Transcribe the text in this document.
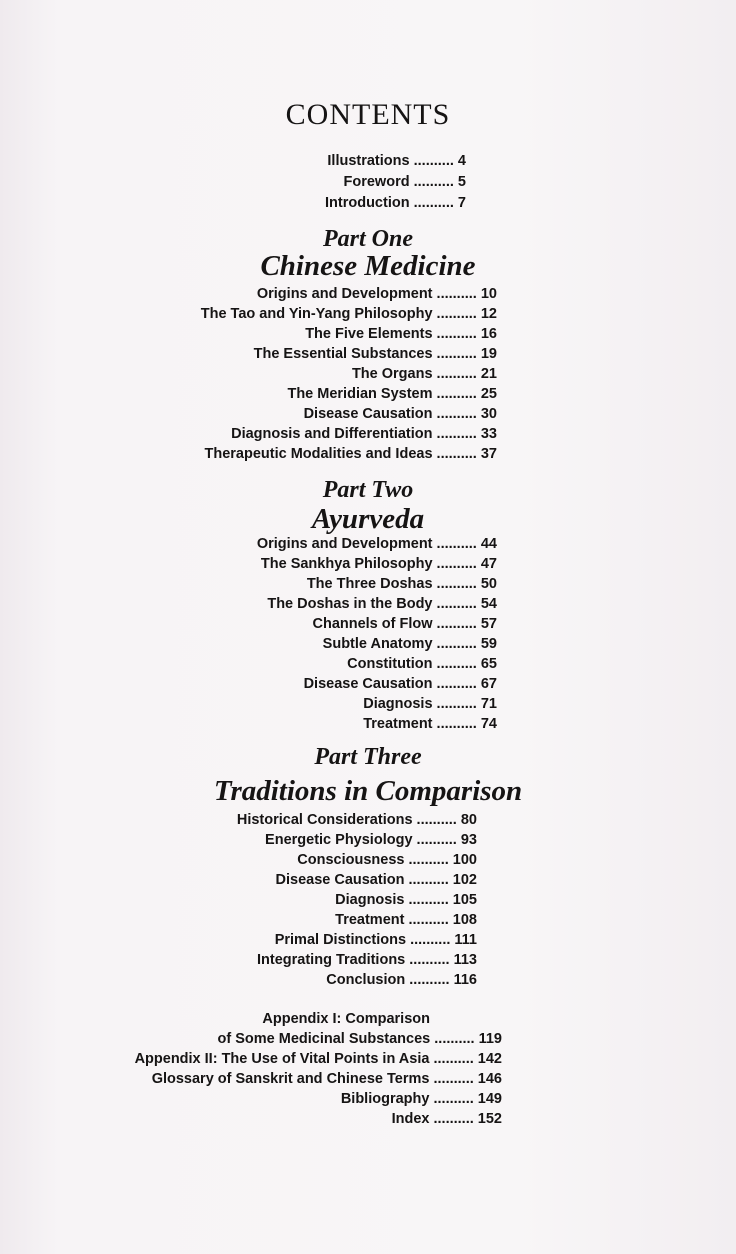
CONTENTS
Illustrations .......... 4
Foreword .......... 5
Introduction .......... 7
Part One
Chinese Medicine
Origins and Development .......... 10
The Tao and Yin-Yang Philosophy .......... 12
The Five Elements .......... 16
The Essential Substances .......... 19
The Organs .......... 21
The Meridian System .......... 25
Disease Causation .......... 30
Diagnosis and Differentiation .......... 33
Therapeutic Modalities and Ideas .......... 37
Part Two
Ayurveda
Origins and Development .......... 44
The Sankhya Philosophy .......... 47
The Three Doshas .......... 50
The Doshas in the Body .......... 54
Channels of Flow .......... 57
Subtle Anatomy .......... 59
Constitution .......... 65
Disease Causation .......... 67
Diagnosis .......... 71
Treatment .......... 74
Part Three
Traditions in Comparison
Historical Considerations .......... 80
Energetic Physiology .......... 93
Consciousness .......... 100
Disease Causation .......... 102
Diagnosis .......... 105
Treatment .......... 108
Primal Distinctions .......... 111
Integrating Traditions .......... 113
Conclusion .......... 116
Appendix I: Comparison
of Some Medicinal Substances .......... 119
Appendix II: The Use of Vital Points in Asia .......... 142
Glossary of Sanskrit and Chinese Terms .......... 146
Bibliography .......... 149
Index .......... 152
